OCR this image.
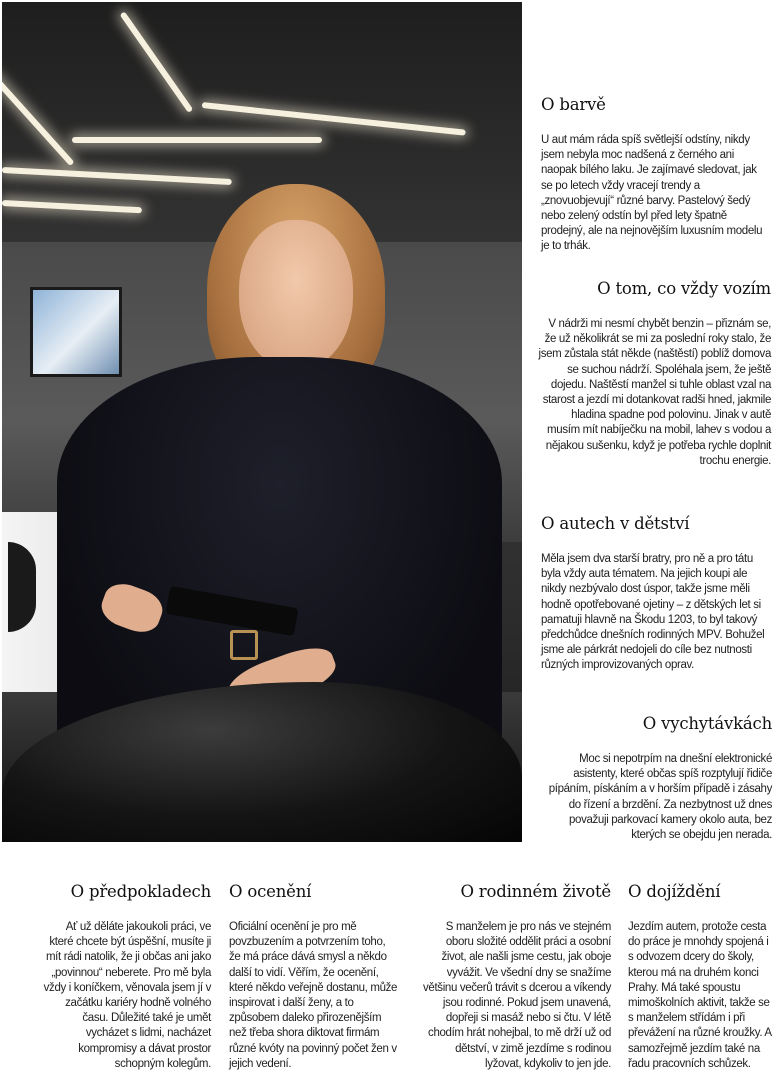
O barvě

U aut mám ráda spíš světlejší odstíny, nikdy jsem nebyla moc nadšená z černého ani naopak bílého laku. Je zajímavé sledovat, jak se po letech vždy vracejí trendy a „znovuobjevují“ různé barvy. Pastelový šedý nebo zelený odstín byl před lety špatně prodejný, ale na nejnovějším luxusním modelu je to trhák.

O tom, co vždy vozím

V nádrži mi nesmí chybět benzin – přiznám se, že už několikrát se mi za poslední roky stalo, že jsem zůstala stát někde (naštěstí) poblíž domova se suchou nádrží. Spoléhala jsem, že ještě dojedu. Naštěstí manžel si tuhle oblast vzal na starost a jezdí mi dotankovat radši hned, jakmile hladina spadne pod polovinu. Jinak v autě musím mít nabíječku na mobil, lahev s vodou a nějakou sušenku, když je potřeba rychle doplnit trochu energie.

O autech v dětství

Měla jsem dva starší bratry, pro ně a pro tátu byla vždy auta tématem. Na jejich koupi ale nikdy nezbývalo dost úspor, takže jsme měli hodně opotřebované ojetiny – z dětských let si pamatuji hlavně na Škodu 1203, to byl takový předchůdce dnešních rodinných MPV. Bohužel jsme ale párkrát nedojeli do cíle bez nutnosti různých improvizovaných oprav.

O vychytávkách

Moc si nepotrpím na dnešní elektronické asistenty, které občas spíš rozptylují řidiče pípáním, pískáním a v horším případě i zásahy do řízení a brzdění. Za nezbytnost už dnes považuji parkovací kamery okolo auta, bez kterých se obejdu jen nerada.

O předpokladech

Ať už děláte jakoukoli práci, ve které chcete být úspěšní, musíte ji mít rádi natolik, že ji občas ani jako „povinnou“ neberete. Pro mě byla vždy i koníčkem, věnovala jsem jí v začátku kariéry hodně volného času. Důležité také je umět vycházet s lidmi, nacházet kompromisy a dávat prostor schopným kolegům.

O ocenění

Oficiální ocenění je pro mě povzbuzením a potvrzením toho, že má práce dává smysl a někdo další to vidí. Věřím, že ocenění, které někdo veřejně dostanu, může inspirovat i další ženy, a to způsobem daleko přirozenějším než třeba shora diktovat firmám různé kvóty na povinný počet žen v jejich vedení.

O rodinném životě

S manželem je pro nás ve stejném oboru složité oddělit práci a osobní život, ale našli jsme cestu, jak oboje vyvážit. Ve všední dny se snažíme většinu večerů trávit s dcerou a víkendy jsou rodinné. Pokud jsem unavená, dopřeji si masáž nebo si čtu. V létě chodím hrát nohejbal, to mě drží už od dětství, v zimě jezdíme s rodinou lyžovat, kdykoliv to jen jde.

O dojíždění

Jezdím autem, protože cesta do práce je mnohdy spojená i s odvozem dcery do školy, kterou má na druhém konci Prahy. Má také spoustu mimoškolních aktivit, takže se s manželem střídám i při převážení na různé kroužky. A samozřejmě jezdím také na řadu pracovních schůzek.
